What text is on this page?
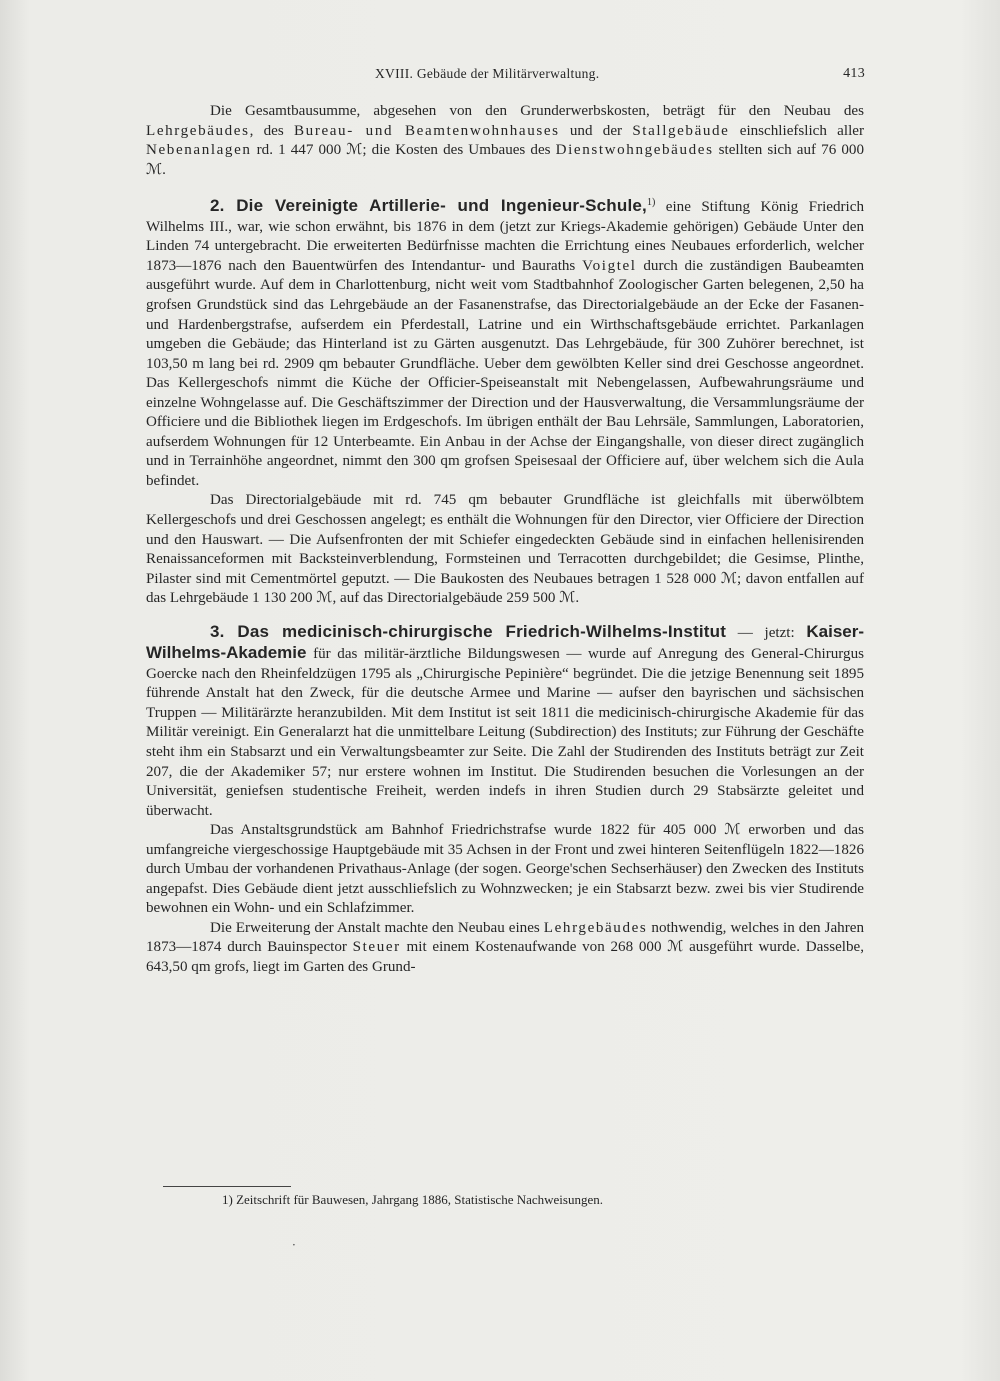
XVIII. Gebäude der Militärverwaltung.	413

Die Gesamtbausumme, abgesehen von den Grunderwerbskosten, beträgt für den Neubau des Lehrgebäudes, des Bureau- und Beamtenwohnhauses und der Stallgebäude einschliefslich aller Nebenanlagen rd. 1 447 000 ℳ; die Kosten des Umbaues des Dienstwohngebäudes stellten sich auf 76 000 ℳ.

2. Die Vereinigte Artillerie- und Ingenieur-Schule,$^{1)}$ eine Stiftung König Friedrich Wilhelms III., war, wie schon erwähnt, bis 1876 in dem (jetzt zur Kriegs-Akademie gehörigen) Gebäude Unter den Linden 74 untergebracht. Die erweiterten Bedürfnisse machten die Errichtung eines Neubaues erforderlich, welcher 1873—1876 nach den Bauentwürfen des Intendantur- und Bauraths Voigtel durch die zuständigen Baubeamten ausgeführt wurde. Auf dem in Charlottenburg, nicht weit vom Stadtbahnhof Zoologischer Garten belegenen, 2,50 ha grofsen Grundstück sind das Lehrgebäude an der Fasanenstrafse, das Directorialgebäude an der Ecke der Fasanen- und Hardenbergstrafse, aufserdem ein Pferdestall, Latrine und ein Wirthschaftsgebäude errichtet. Parkanlagen umgeben die Gebäude; das Hinterland ist zu Gärten ausgenutzt. Das Lehrgebäude, für 300 Zuhörer berechnet, ist 103,50 m lang bei rd. 2909 qm bebauter Grundfläche. Ueber dem gewölbten Keller sind drei Geschosse angeordnet. Das Kellergeschofs nimmt die Küche der Officier-Speiseanstalt mit Nebengelassen, Aufbewahrungsräume und einzelne Wohngelasse auf. Die Geschäftszimmer der Direction und der Hausverwaltung, die Versammlungsräume der Officiere und die Bibliothek liegen im Erdgeschofs. Im übrigen enthält der Bau Lehrsäle, Sammlungen, Laboratorien, aufserdem Wohnungen für 12 Unterbeamte. Ein Anbau in der Achse der Eingangshalle, von dieser direct zugänglich und in Terrainhöhe angeordnet, nimmt den 300 qm grofsen Speisesaal der Officiere auf, über welchem sich die Aula befindet.

Das Directorialgebäude mit rd. 745 qm bebauter Grundfläche ist gleichfalls mit überwölbtem Kellergeschofs und drei Geschossen angelegt; es enthält die Wohnungen für den Director, vier Officiere der Direction und den Hauswart. — Die Aufsenfronten der mit Schiefer eingedeckten Gebäude sind in einfachen hellenisirenden Renaissanceformen mit Backsteinverblendung, Formsteinen und Terracotten durchgebildet; die Gesimse, Plinthe, Pilaster sind mit Cementmörtel geputzt. — Die Baukosten des Neubaues betragen 1 528 000 ℳ; davon entfallen auf das Lehrgebäude 1 130 200 ℳ, auf das Directorialgebäude 259 500 ℳ.

3. Das medicinisch-chirurgische Friedrich-Wilhelms-Institut — jetzt: Kaiser-Wilhelms-Akademie für das militär-ärztliche Bildungswesen — wurde auf Anregung des General-Chirurgus Goercke nach den Rheinfeldzügen 1795 als „Chirurgische Pepinière“ begründet. Die die jetzige Benennung seit 1895 führende Anstalt hat den Zweck, für die deutsche Armee und Marine — aufser den bayrischen und sächsischen Truppen — Militärärzte heranzubilden. Mit dem Institut ist seit 1811 die medicinisch-chirurgische Akademie für das Militär vereinigt. Ein Generalarzt hat die unmittelbare Leitung (Subdirection) des Instituts; zur Führung der Geschäfte steht ihm ein Stabsarzt und ein Verwaltungsbeamter zur Seite. Die Zahl der Studirenden des Instituts beträgt zur Zeit 207, die der Akademiker 57; nur erstere wohnen im Institut. Die Studirenden besuchen die Vorlesungen an der Universität, geniefsen studentische Freiheit, werden indefs in ihren Studien durch 29 Stabsärzte geleitet und überwacht.

Das Anstaltsgrundstück am Bahnhof Friedrichstrafse wurde 1822 für 405 000 ℳ erworben und das umfangreiche viergeschossige Hauptgebäude mit 35 Achsen in der Front und zwei hinteren Seitenflügeln 1822—1826 durch Umbau der vorhandenen Privathaus-Anlage (der sogen. George'schen Sechserhäuser) den Zwecken des Instituts angepafst. Dies Gebäude dient jetzt ausschliefslich zu Wohnzwecken; je ein Stabsarzt bezw. zwei bis vier Studirende bewohnen ein Wohn- und ein Schlafzimmer.

Die Erweiterung der Anstalt machte den Neubau eines Lehrgebäudes nothwendig, welches in den Jahren 1873—1874 durch Bauinspector Steuer mit einem Kostenaufwande von 268 000 ℳ ausgeführt wurde. Dasselbe, 643,50 qm grofs, liegt im Garten des Grund-

1) Zeitschrift für Bauwesen, Jahrgang 1886, Statistische Nachweisungen.
·
